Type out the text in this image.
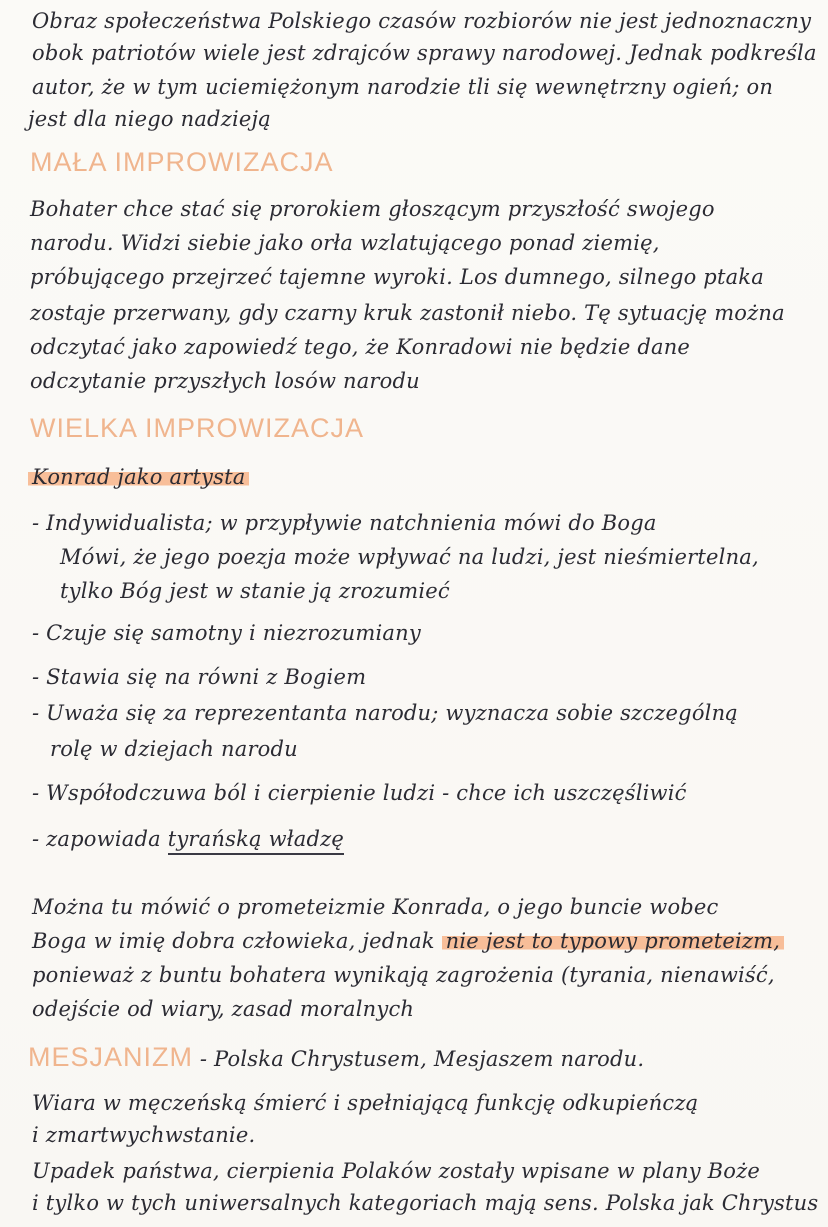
Obraz społeczeństwa Polskiego czasów rozbiorów nie jest jednoznaczny
obok patriotów wiele jest zdrajców sprawy narodowej. Jednak podkreśla
autor, że w tym uciemiężonym narodzie tli się wewnętrzny ogień; on
jest dla niego nadzieją
MAŁA IMPROWIZACJA
Bohater chce stać się prorokiem głoszącym przyszłość swojego
narodu. Widzi siebie jako orła wzlatującego ponad ziemię,
próbującego przejrzeć tajemne wyroki. Los dumnego, silnego ptaka
zostaje przerwany, gdy czarny kruk zastonił niebo. Tę sytuację można
odczytać jako zapowiedź tego, że Konradowi nie będzie dane
odczytanie przyszłych losów narodu
WIELKA IMPROWIZACJA
Konrad jako artysta
- Indywidualista; w przypływie natchnienia mówi do Boga
Mówi, że jego poezja może wpływać na ludzi, jest nieśmiertelna,
tylko Bóg jest w stanie ją zrozumieć
- Czuje się samotny i niezrozumiany
- Stawia się na równi z Bogiem
- Uważa się za reprezentanta narodu; wyznacza sobie szczególną
rolę w dziejach narodu
- Współodczuwa ból i cierpienie ludzi - chce ich uszczęśliwić
- zapowiada tyrańską władzę
Można tu mówić o prometeizmie Konrada, o jego buncie wobec
Boga w imię dobra człowieka, jednak nie jest to typowy prometeizm,
ponieważ z buntu bohatera wynikają zagrożenia (tyrania, nienawiść,
odejście od wiary, zasad moralnych
MESJANIZM - Polska Chrystusem, Mesjaszem narodu.
Wiara w męczeńską śmierć i spełniającą funkcję odkupieńczą
i zmartwychwstanie.
Upadek państwa, cierpienia Polaków zostały wpisane w plany Boże
i tylko w tych uniwersalnych kategoriach mają sens. Polska jak Chrystus
